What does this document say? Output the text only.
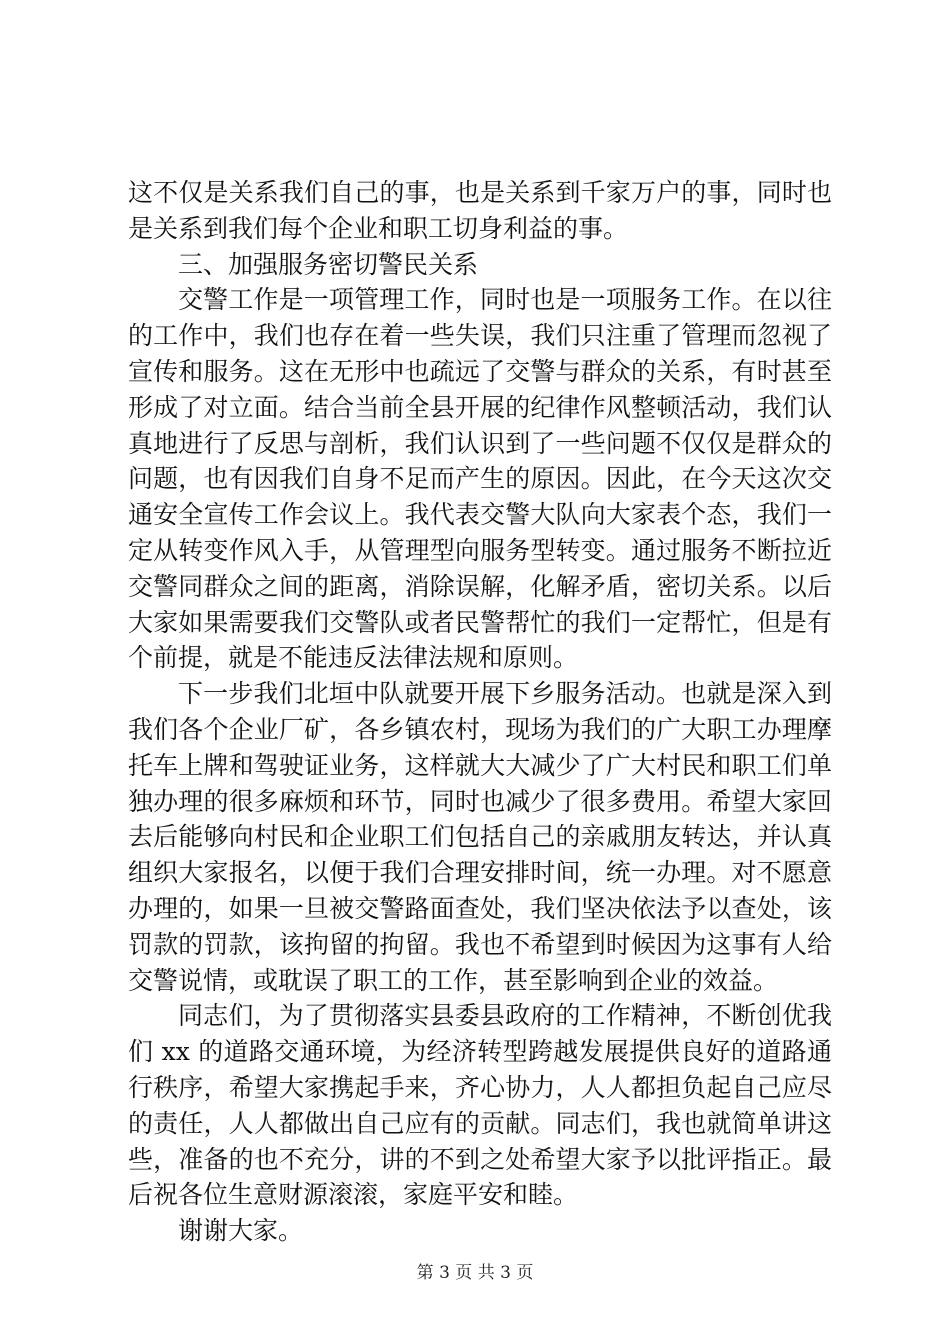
这不仅是关系我们自己的事，也是关系到千家万户的事，同时也是关系到我们每个企业和职工切身利益的事。

三、加强服务密切警民关系

交警工作是一项管理工作，同时也是一项服务工作。在以往的工作中，我们也存在着一些失误，我们只注重了管理而忽视了宣传和服务。这在无形中也疏远了交警与群众的关系，有时甚至形成了对立面。结合当前全县开展的纪律作风整顿活动，我们认真地进行了反思与剖析，我们认识到了一些问题不仅仅是群众的问题，也有因我们自身不足而产生的原因。因此，在今天这次交通安全宣传工作会议上。我代表交警大队向大家表个态，我们一定从转变作风入手，从管理型向服务型转变。通过服务不断拉近交警同群众之间的距离，消除误解，化解矛盾，密切关系。以后大家如果需要我们交警队或者民警帮忙的我们一定帮忙，但是有个前提，就是不能违反法律法规和原则。

下一步我们北垣中队就要开展下乡服务活动。也就是深入到我们各个企业厂矿，各乡镇农村，现场为我们的广大职工办理摩托车上牌和驾驶证业务，这样就大大减少了广大村民和职工们单独办理的很多麻烦和环节，同时也减少了很多费用。希望大家回去后能够向村民和企业职工们包括自己的亲戚朋友转达，并认真组织大家报名，以便于我们合理安排时间，统一办理。对不愿意办理的，如果一旦被交警路面查处，我们坚决依法予以查处，该罚款的罚款，该拘留的拘留。我也不希望到时候因为这事有人给交警说情，或耽误了职工的工作，甚至影响到企业的效益。

同志们，为了贯彻落实县委县政府的工作精神，不断创优我们 xx 的道路交通环境，为经济转型跨越发展提供良好的道路通行秩序，希望大家携起手来，齐心协力，人人都担负起自己应尽的责任，人人都做出自己应有的贡献。同志们，我也就简单讲这些，准备的也不充分，讲的不到之处希望大家予以批评指正。最后祝各位生意财源滚滚，家庭平安和睦。

谢谢大家。

第 3 页 共 3 页
